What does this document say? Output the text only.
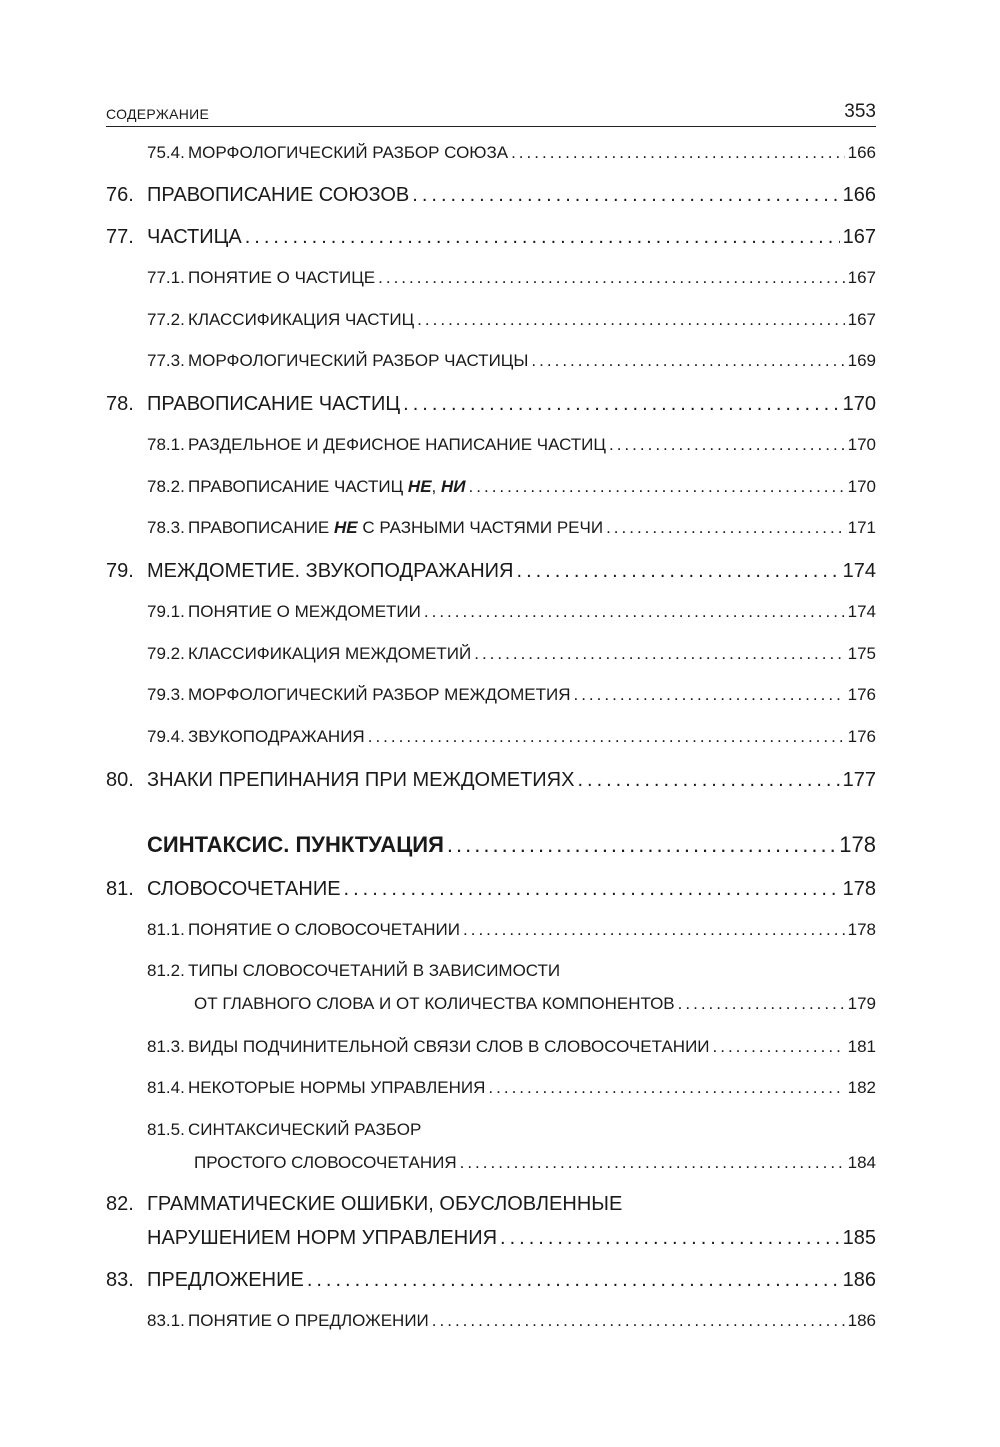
СОДЕРЖАНИЕ	353
75.4. МОРФОЛОГИЧЕСКИЙ РАЗБОР СОЮЗА .....	166
76. ПРАВОПИСАНИЕ СОЮЗОВ .....	166
77. ЧАСТИЦА .....	167
77.1. ПОНЯТИЕ О ЧАСТИЦЕ .....	167
77.2. КЛАССИФИКАЦИЯ ЧАСТИЦ .....	167
77.3. МОРФОЛОГИЧЕСКИЙ РАЗБОР ЧАСТИЦЫ .....	169
78. ПРАВОПИСАНИЕ ЧАСТИЦ .....	170
78.1. РАЗДЕЛЬНОЕ И ДЕФИСНОЕ НАПИСАНИЕ ЧАСТИЦ .....	170
78.2. ПРАВОПИСАНИЕ ЧАСТИЦ НЕ, НИ .....	170
78.3. ПРАВОПИСАНИЕ НЕ С РАЗНЫМИ ЧАСТЯМИ РЕЧИ .....	171
79. МЕЖДОМЕТИЕ. ЗВУКОПОДРАЖАНИЯ .....	174
79.1. ПОНЯТИЕ О МЕЖДОМЕТИИ .....	174
79.2. КЛАССИФИКАЦИЯ МЕЖДОМЕТИЙ .....	175
79.3. МОРФОЛОГИЧЕСКИЙ РАЗБОР МЕЖДОМЕТИЯ .....	176
79.4. ЗВУКОПОДРАЖАНИЯ .....	176
80. ЗНАКИ ПРЕПИНАНИЯ ПРИ МЕЖДОМЕТИЯХ .....	177
СИНТАКСИС. ПУНКТУАЦИЯ .....	178
81. СЛОВОСОЧЕТАНИЕ .....	178
81.1. ПОНЯТИЕ О СЛОВОСОЧЕТАНИИ .....	178
81.2. ТИПЫ СЛОВОСОЧЕТАНИЙ В ЗАВИСИМОСТИ
ОТ ГЛАВНОГО СЛОВА И ОТ КОЛИЧЕСТВА КОМПОНЕНТОВ .....	179
81.3. ВИДЫ ПОДЧИНИТЕЛЬНОЙ СВЯЗИ СЛОВ В СЛОВОСОЧЕТАНИИ .....	181
81.4. НЕКОТОРЫЕ НОРМЫ УПРАВЛЕНИЯ .....	182
81.5. СИНТАКСИЧЕСКИЙ РАЗБОР
ПРОСТОГО СЛОВОСОЧЕТАНИЯ .....	184
82. ГРАММАТИЧЕСКИЕ ОШИБКИ, ОБУСЛОВЛЕННЫЕ
НАРУШЕНИЕМ НОРМ УПРАВЛЕНИЯ .....	185
83. ПРЕДЛОЖЕНИЕ .....	186
83.1. ПОНЯТИЕ О ПРЕДЛОЖЕНИИ .....	186
